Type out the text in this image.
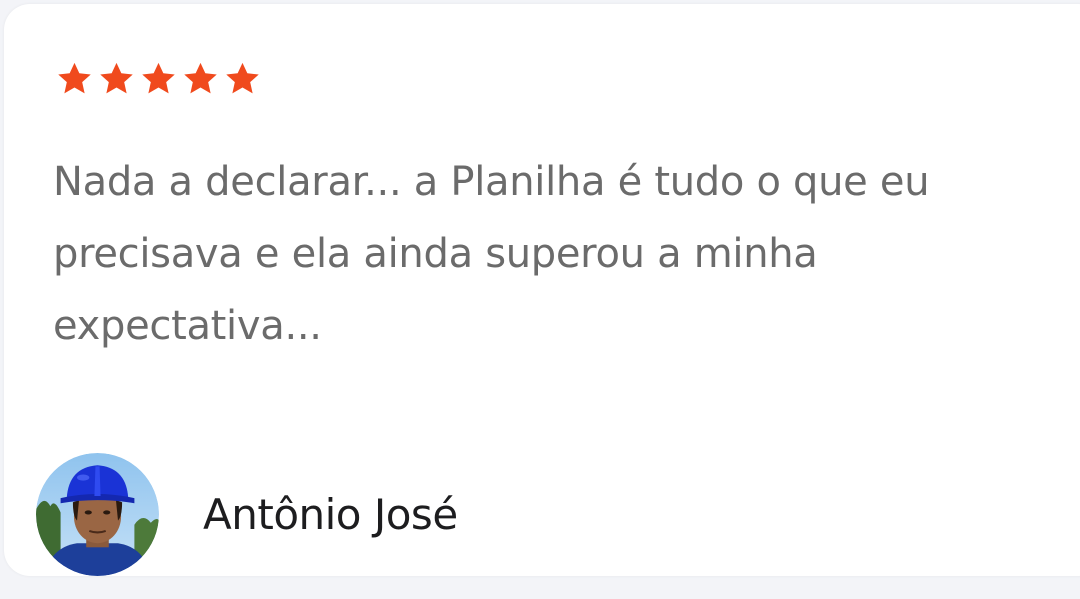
Nada a declarar... a Planilha é tudo o que eu precisava e ela ainda superou a minha expectativa...

Antônio José
